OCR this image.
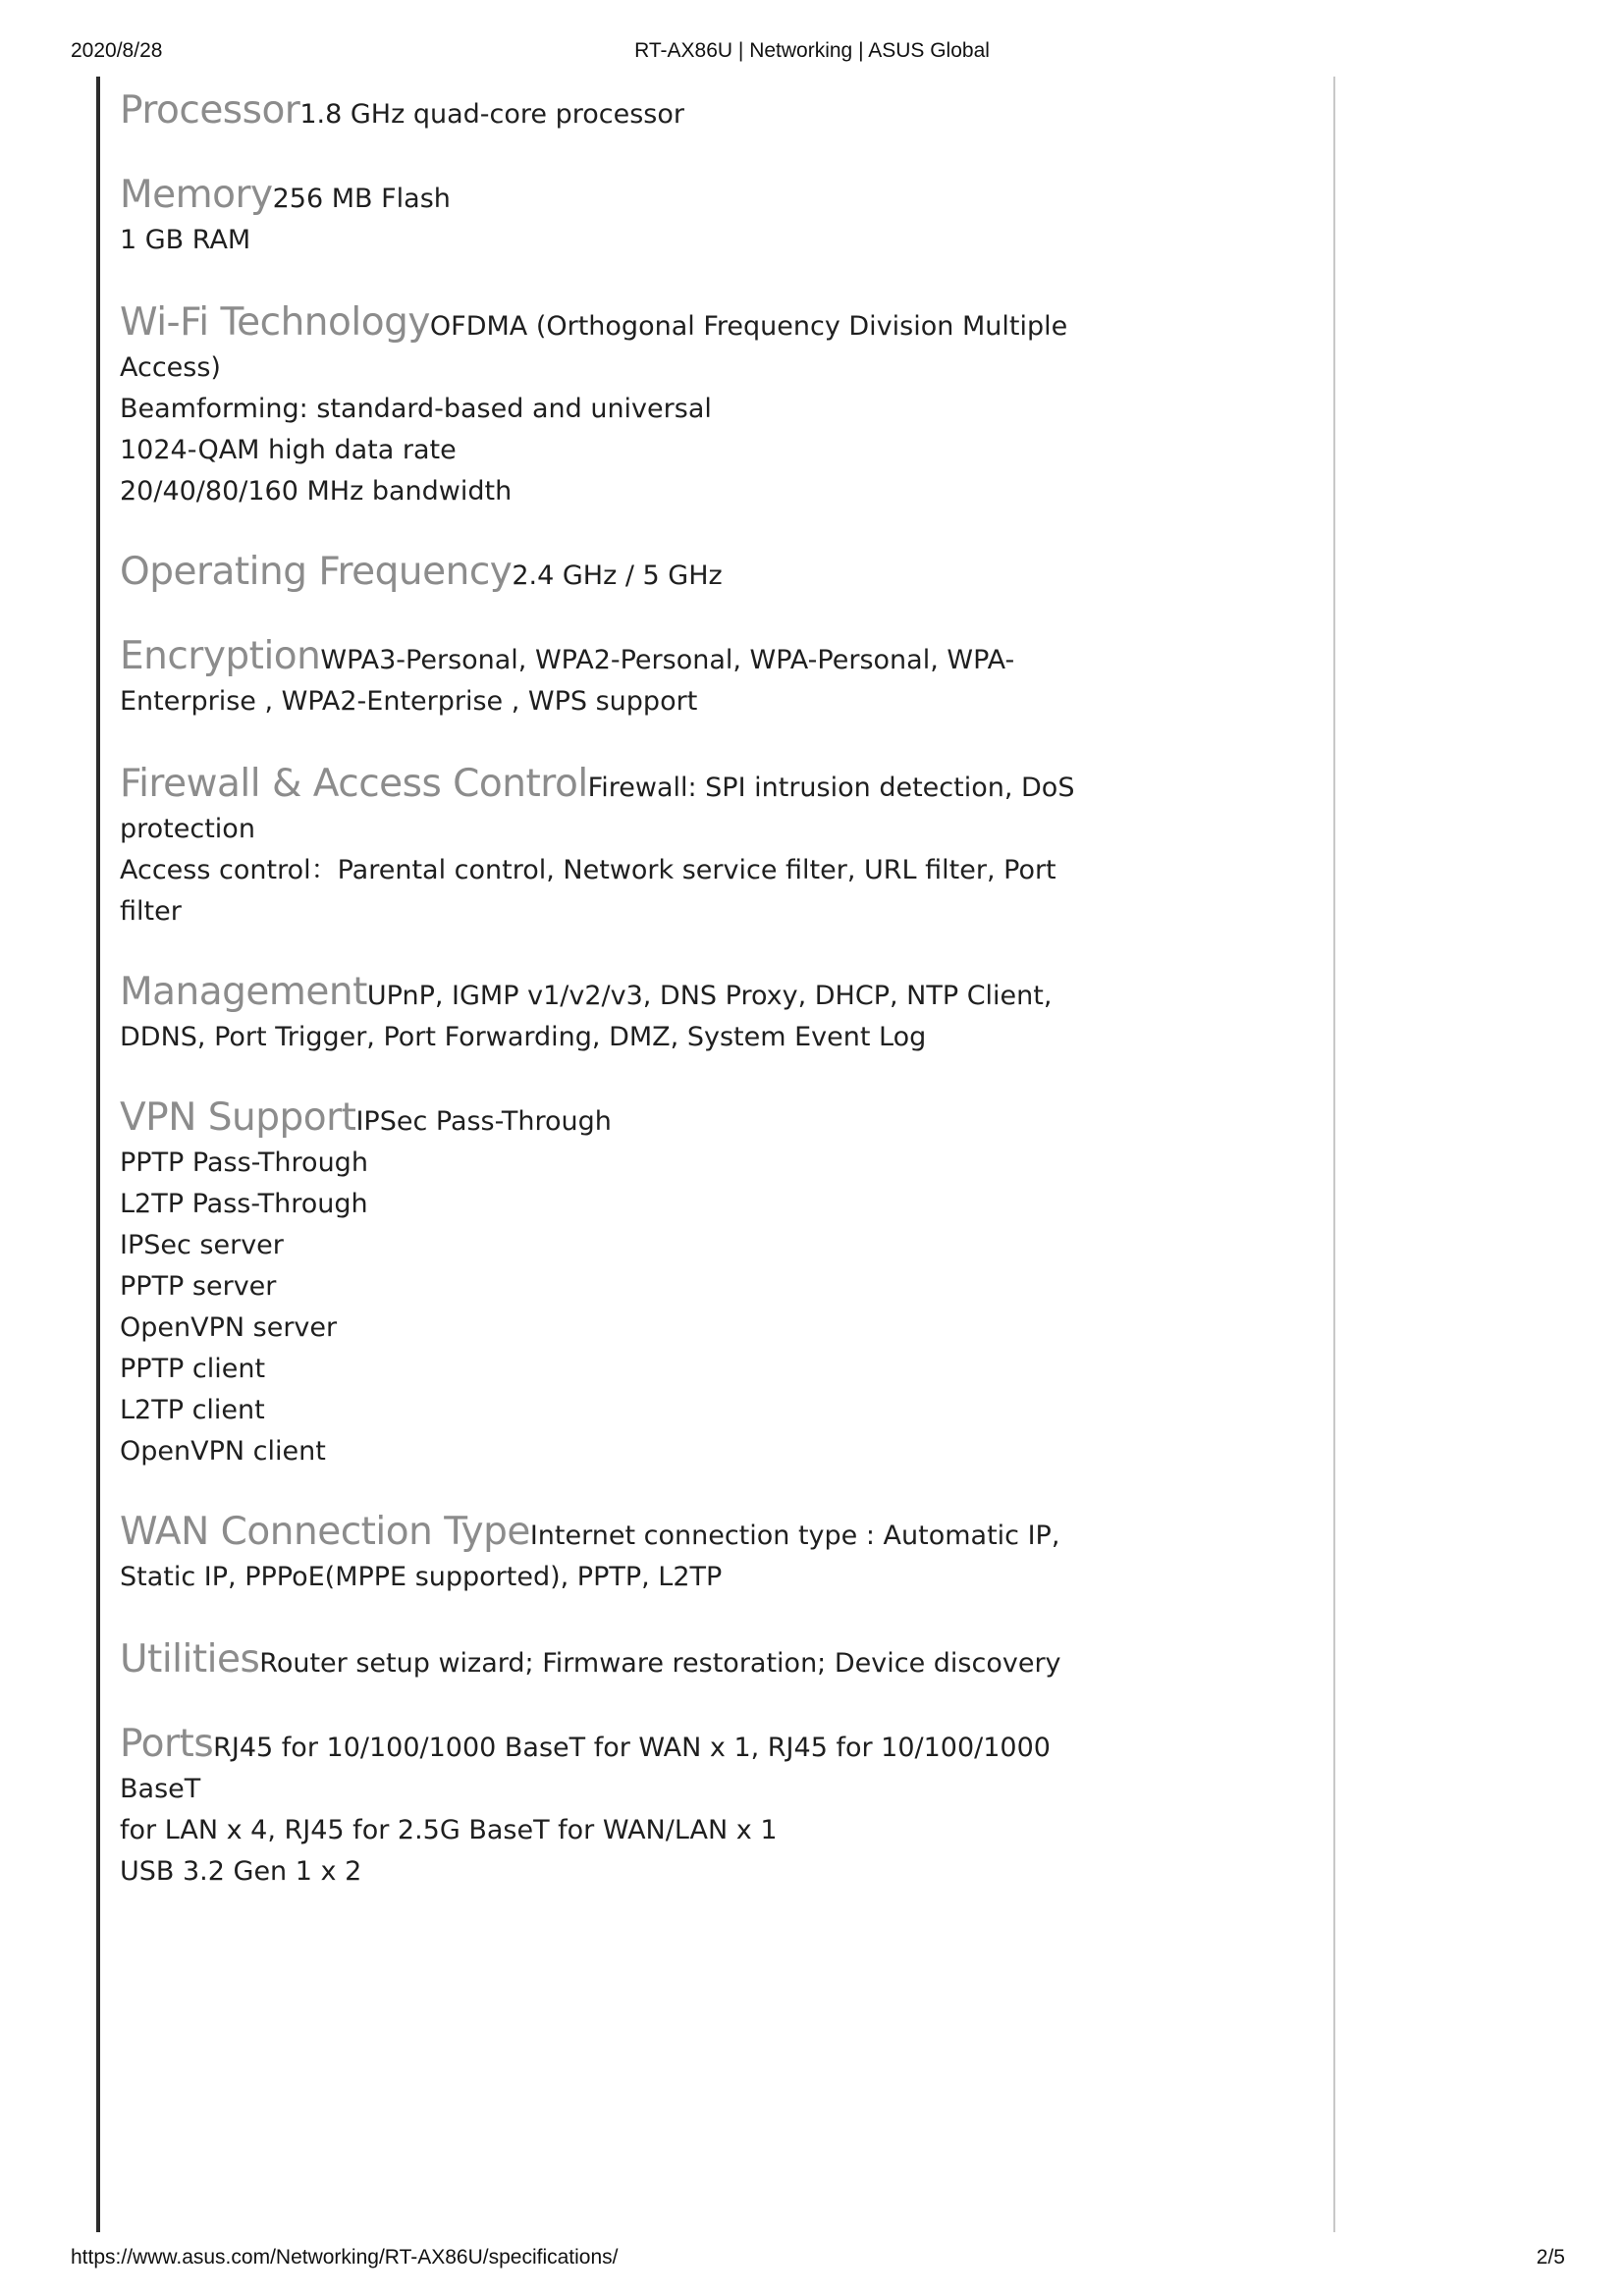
2020/8/28	RT-AX86U | Networking | ASUS Global
Processor1.8 GHz quad-core processor
Memory256 MB Flash
1 GB RAM
Wi-Fi TechnologyOFDMA (Orthogonal Frequency Division Multiple
Access)
Beamforming: standard-based and universal
1024-QAM high data rate
20/40/80/160 MHz bandwidth
Operating Frequency2.4 GHz / 5 GHz
EncryptionWPA3-Personal, WPA2-Personal, WPA-Personal, WPA-
Enterprise , WPA2-Enterprise , WPS support
Firewall & Access ControlFirewall: SPI intrusion detection, DoS
protection
Access control：Parental control, Network service filter, URL filter, Port filter
ManagementUPnP, IGMP v1/v2/v3, DNS Proxy, DHCP, NTP Client,
DDNS, Port Trigger, Port Forwarding, DMZ, System Event Log
VPN SupportIPSec Pass-Through
PPTP Pass-Through
L2TP Pass-Through
IPSec server
PPTP server
OpenVPN server
PPTP client
L2TP client
OpenVPN client
WAN Connection TypeInternet connection type : Automatic IP,
Static IP, PPPoE(MPPE supported), PPTP, L2TP
UtilitiesRouter setup wizard; Firmware restoration; Device discovery
PortsRJ45 for 10/100/1000 BaseT for WAN x 1, RJ45 for 10/100/1000 BaseT
for LAN x 4, RJ45 for 2.5G BaseT for WAN/LAN x 1
USB 3.2 Gen 1 x 2
https://www.asus.com/Networking/RT-AX86U/specifications/	2/5
